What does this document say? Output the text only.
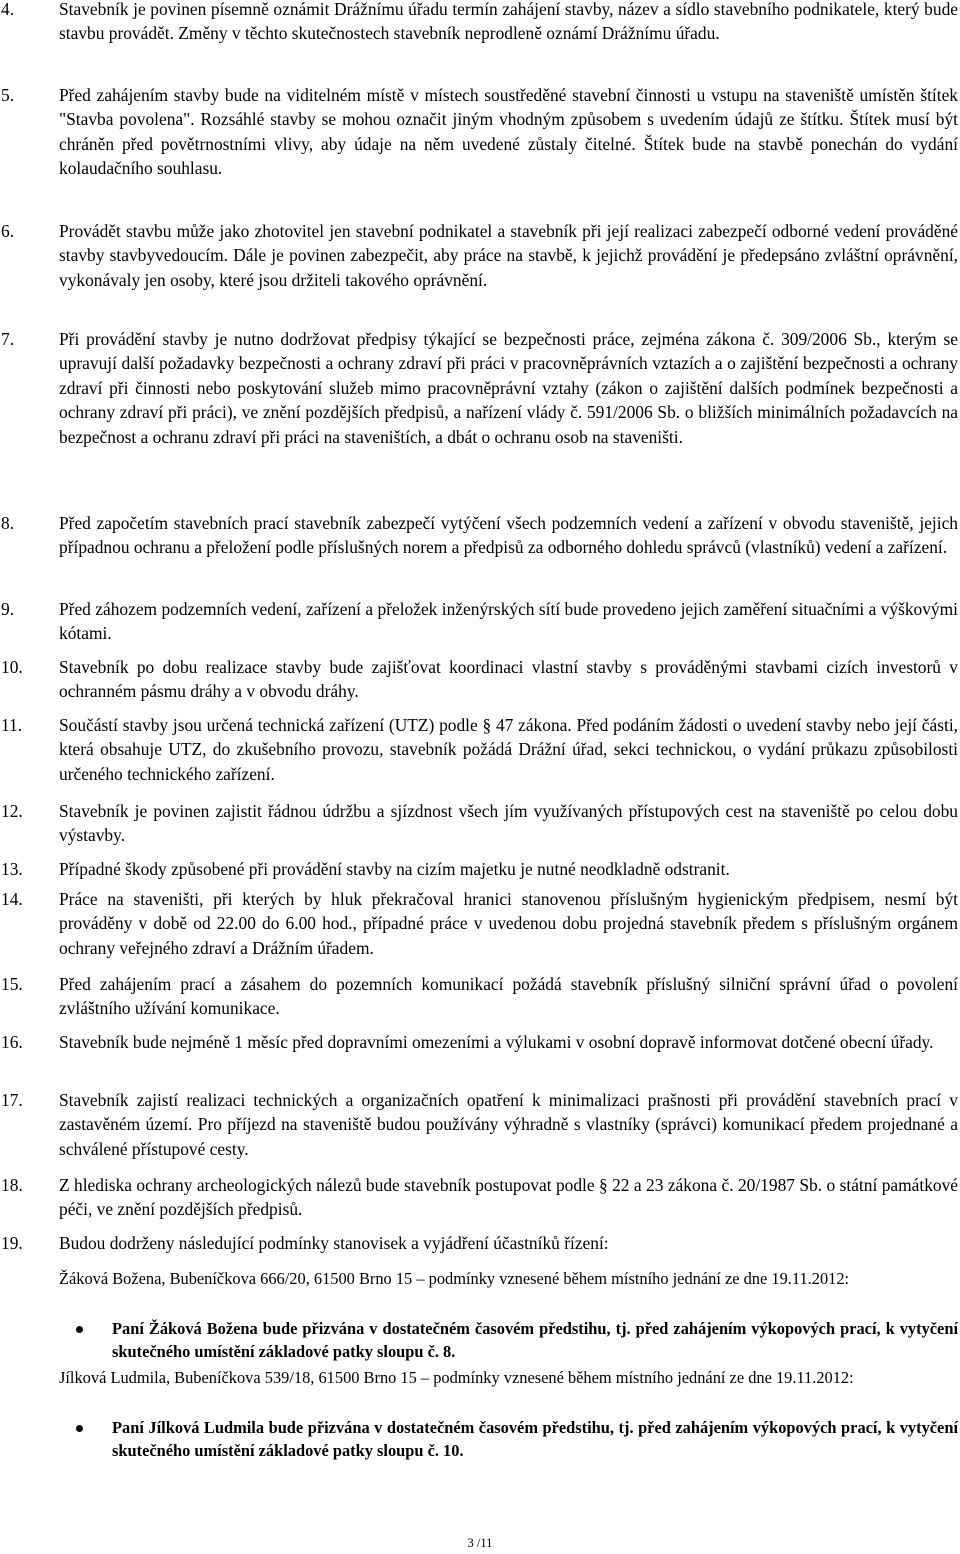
4.	Stavebník je povinen písemně oznámit Drážnímu úřadu termín zahájení stavby, název a sídlo stavebního podnikatele, který bude stavbu provádět. Změny v těchto skutečnostech stavebník neprodleně oznámí Drážnímu úřadu.
5.	Před zahájením stavby bude na viditelném místě v místech soustředěné stavební činnosti u vstupu na staveniště umístěn štítek "Stavba povolena". Rozsáhlé stavby se mohou označit jiným vhodným způsobem s uvedením údajů ze štítku. Štítek musí být chráněn před povětrnostními vlivy, aby údaje na něm uvedené zůstaly čitelné. Štítek bude na stavbě ponechán do vydání kolaudačního souhlasu.
6.	Provádět stavbu může jako zhotovitel jen stavební podnikatel a stavebník při její realizaci zabezpečí odborné vedení prováděné stavby stavbyvedoucím. Dále je povinen zabezpečit, aby práce na stavbě, k jejichž provádění je předepsáno zvláštní oprávnění, vykonávaly jen osoby, které jsou držiteli takového oprávnění.
7.	Při provádění stavby je nutno dodržovat předpisy týkající se bezpečnosti práce, zejména zákona č. 309/2006 Sb., kterým se upravují další požadavky bezpečnosti a ochrany zdraví při práci v pracovněprávních vztazích a o zajištění bezpečnosti a ochrany zdraví při činnosti nebo poskytování služeb mimo pracovněprávní vztahy (zákon o zajištění dalších podmínek bezpečnosti a ochrany zdraví při práci), ve znění pozdějších předpisů, a nařízení vlády č. 591/2006 Sb. o bližších minimálních požadavcích na bezpečnost a ochranu zdraví při práci na staveništích, a dbát o ochranu osob na staveništi.
8.	Před započetím stavebních prací stavebník zabezpečí vytýčení všech podzemních vedení a zařízení v obvodu staveniště, jejich případnou ochranu a přeložení podle příslušných norem a předpisů za odborného dohledu správců (vlastníků) vedení a zařízení.
9.	Před záhozem podzemních vedení, zařízení a přeložek inženýrských sítí bude provedeno jejich zaměření situačními a výškovými kótami.
10.	Stavebník po dobu realizace stavby bude zajišťovat koordinaci vlastní stavby s prováděnými stavbami cizích investorů v ochranném pásmu dráhy a v obvodu dráhy.
11.	Součástí stavby jsou určená technická zařízení (UTZ) podle § 47 zákona. Před podáním žádosti o uvedení stavby nebo její části, která obsahuje UTZ, do zkušebního provozu, stavebník požádá Drážní úřad, sekci technickou, o vydání průkazu způsobilosti určeného technického zařízení.
12.	Stavebník je povinen zajistit řádnou údržbu a sjízdnost všech jím využívaných přístupových cest na staveniště po celou dobu výstavby.
13.	Případné škody způsobené při provádění stavby na cizím majetku je nutné neodkladně odstranit.
14.	Práce na staveništi, při kterých by hluk překračoval hranici stanovenou příslušným hygienickým předpisem, nesmí být prováděny v době od 22.00 do 6.00 hod., případné práce v uvedenou dobu projedná stavebník předem s příslušným orgánem ochrany veřejného zdraví a Drážním úřadem.
15.	Před zahájením prací a zásahem do pozemních komunikací požádá stavebník příslušný silniční správní úřad o povolení zvláštního užívání komunikace.
16.	Stavebník bude nejméně 1 měsíc před dopravními omezeními a výlukami v osobní dopravě informovat dotčené obecní úřady.
17.	Stavebník zajistí realizaci technických a organizačních opatření k minimalizaci prašnosti při provádění stavebních prací v zastavěném území. Pro příjezd na staveniště budou používány výhradně s vlastníky (správci) komunikací předem projednané a schválené přístupové cesty.
18.	Z hlediska ochrany archeologických nálezů bude stavebník postupovat podle § 22 a 23 zákona č. 20/1987 Sb. o státní památkové péči, ve znění pozdějších předpisů.
19.	Budou dodrženy následující podmínky stanovisek a vyjádření účastníků řízení:
Žáková Božena, Bubeníčkova 666/20, 61500 Brno 15 – podmínky vznesené během místního jednání ze dne 19.11.2012:
Paní Žáková Božena bude přizvána v dostatečném časovém předstihu, tj. před zahájením výkopových prací, k vytyčení skutečného umístění základové patky sloupu č. 8.
Jílková Ludmila, Bubeníčkova 539/18, 61500 Brno 15 – podmínky vznesené během místního jednání ze dne 19.11.2012:
Paní Jílková Ludmila bude přizvána v dostatečném časovém předstihu, tj. před zahájením výkopových prací, k vytyčení skutečného umístění základové patky sloupu č. 10.
3 /11
